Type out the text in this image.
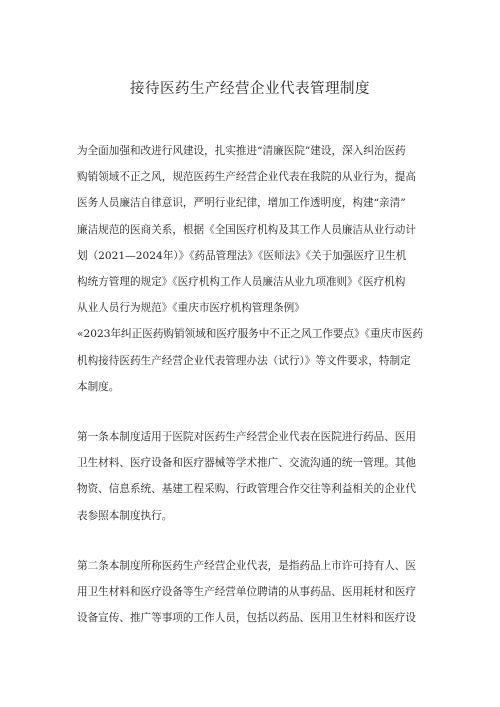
接待医药生产经营企业代表管理制度

为全面加强和改进行风建设，扎实推进“清廉医院”建设，深入纠治医药
购销领域不正之风，规范医药生产经营企业代表在我院的从业行为，提高
医务人员廉洁自律意识，严明行业纪律，增加工作透明度，构建“亲清”
廉洁规范的医商关系，根据《全国医疗机构及其工作人员廉洁从业行动计
划（2021—2024年）》《药品管理法》《医师法》《关于加强医疗卫生机
构统方管理的规定》《医疗机构工作人员廉洁从业九项准则》《医疗机构
从业人员行为规范》《重庆市医疗机构管理条例》
«2023年纠正医药购销领域和医疗服务中不正之风工作要点》《重庆市医药
机构接待医药生产经营企业代表管理办法（试行）》等文件要求，特制定
本制度。

第一条本制度适用于医院对医药生产经营企业代表在医院进行药品、医用
卫生材料、医疗设备和医疗器械等学术推广、交流沟通的统一管理。其他
物资、信息系统、基建工程采购、行政管理合作交往等利益相关的企业代
表参照本制度执行。

第二条本制度所称医药生产经营企业代表，是指药品上市许可持有人、医
用卫生材料和医疗设备等生产经营单位聘请的从事药品、医用耗材和医疗
设备宣传、推广等事项的工作人员，包括以药品、医用卫生材料和医疗设
